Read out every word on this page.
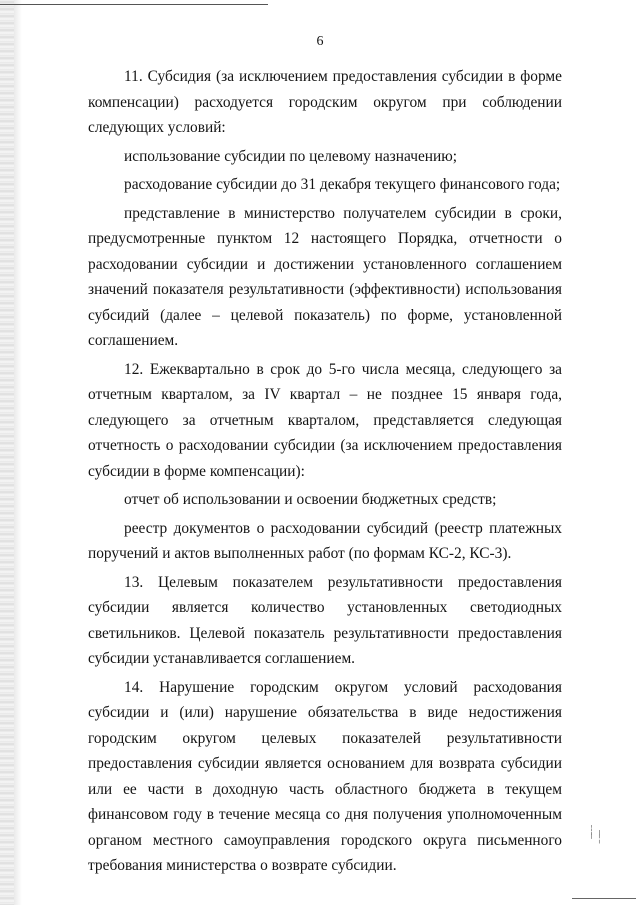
6

11. Субсидия (за исключением предоставления субсидии в форме компенсации) расходуется городским округом при соблюдении следующих условий:

использование субсидии по целевому назначению;

расходование субсидии до 31 декабря текущего финансового года;

представление в министерство получателем субсидии в сроки, предусмотренные пунктом 12 настоящего Порядка, отчетности о расходовании субсидии и достижении установленного соглашением значений показателя результативности (эффективности) использования субсидий (далее – целевой показатель) по форме, установленной соглашением.

12. Ежеквартально в срок до 5-го числа месяца, следующего за отчетным кварталом, за IV квартал – не позднее 15 января года, следующего за отчетным кварталом, представляется следующая отчетность о расходовании субсидии (за исключением предоставления субсидии в форме компенсации):

отчет об использовании и освоении бюджетных средств;

реестр документов о расходовании субсидий (реестр платежных поручений и актов выполненных работ (по формам КС-2, КС-3).

13. Целевым показателем результативности предоставления субсидии является количество установленных светодиодных светильников. Целевой показатель результативности предоставления субсидии устанавливается соглашением.

14. Нарушение городским округом условий расходования субсидии и (или) нарушение обязательства в виде недостижения городским округом целевых показателей результативности предоставления субсидии является основанием для возврата субсидии или ее части в доходную часть областного бюджета в текущем финансовом году в течение месяца со дня получения уполномоченным органом местного самоуправления городского округа письменного требования министерства о возврате субсидии.

┆ ╷
╵ ╎
